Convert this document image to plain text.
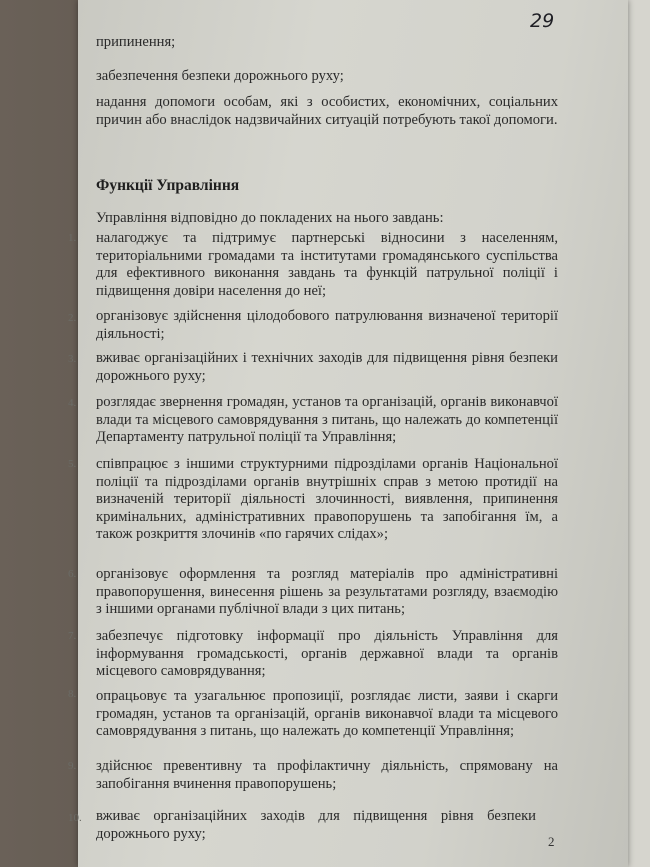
29
припинення;
забезпечення безпеки дорожнього руху;
надання допомоги особам, які з особистих, економічних, соціальних причин або внаслідок надзвичайних ситуацій потребують такої допомоги.
Функції Управління
Управління відповідно до покладених на нього завдань:
1. налагоджує та підтримує партнерські відносини з населенням, територіальними громадами та інститутами громадянського суспільства для ефективного виконання завдань та функцій патрульної поліції і підвищення довіри населення до неї;
2. організовує здійснення цілодобового патрулювання визначеної території діяльності;
3. вживає організаційних і технічних заходів для підвищення рівня безпеки дорожнього руху;
4. розглядає звернення громадян, установ та організацій, органів виконавчої влади та місцевого самоврядування з питань, що належать до компетенції Департаменту патрульної поліції та Управління;
5. співпрацює з іншими структурними підрозділами органів Національної поліції та підрозділами органів внутрішніх справ з метою протидії на визначеній території діяльності злочинності, виявлення, припинення кримінальних, адміністративних правопорушень та запобігання їм, а також розкриття злочинів «по гарячих слідах»;
6. організовує оформлення та розгляд матеріалів про адміністративні правопорушення, винесення рішень за результатами розгляду, взаємодію з іншими органами публічної влади з цих питань;
7. забезпечує підготовку інформації про діяльність Управління для інформування громадськості, органів державної влади та органів місцевого самоврядування;
8. опрацьовує та узагальнює пропозиції, розглядає листи, заяви і скарги громадян, установ та організацій, органів виконавчої влади та місцевого самоврядування з питань, що належать до компетенції Управління;
9. здійснює превентивну та профілактичну діяльність, спрямовану на запобігання вчинення правопорушень;
10. вживає організаційних заходів для підвищення рівня безпеки дорожнього руху;	2
